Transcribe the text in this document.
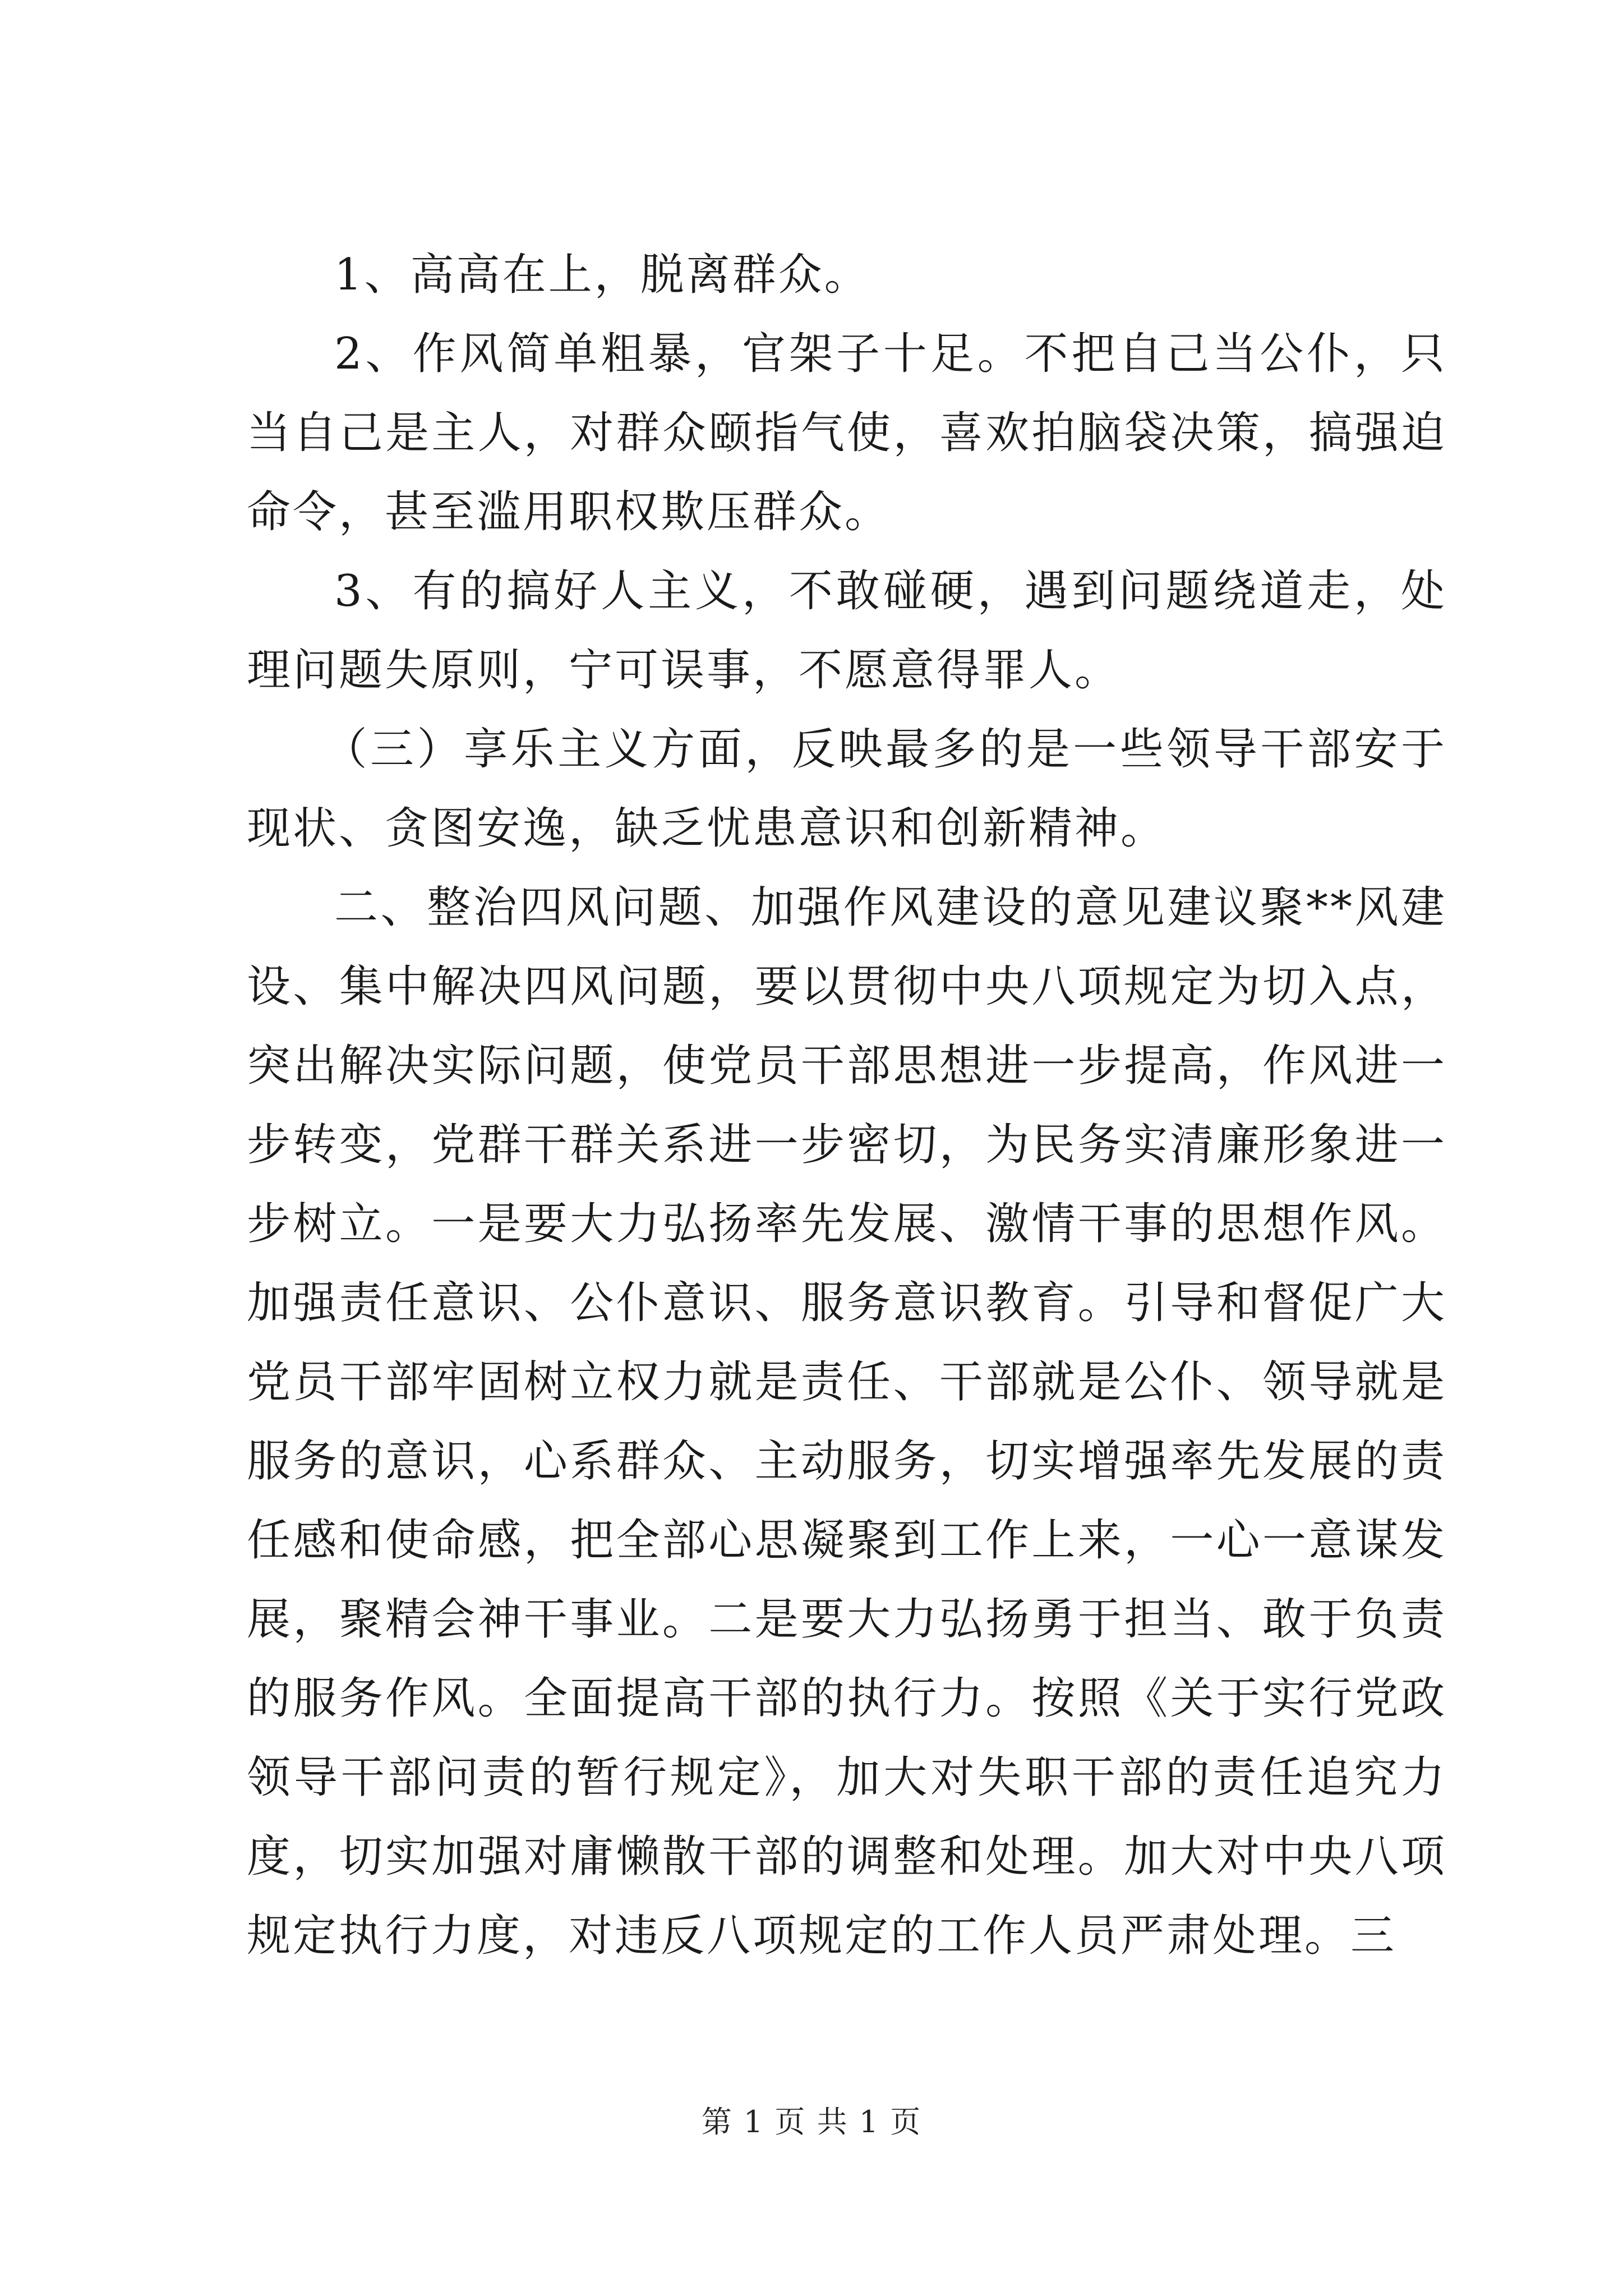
1、高高在上，脱离群众。

2、作风简单粗暴，官架子十足。不把自己当公仆，只当自己是主人，对群众颐指气使，喜欢拍脑袋决策，搞强迫命令，甚至滥用职权欺压群众。

3、有的搞好人主义，不敢碰硬，遇到问题绕道走，处理问题失原则，宁可误事，不愿意得罪人。

（三）享乐主义方面，反映最多的是一些领导干部安于现状、贪图安逸，缺乏忧患意识和创新精神。

二、整治四风问题、加强作风建设的意见建议聚**风建设、集中解决四风问题，要以贯彻中央八项规定为切入点，突出解决实际问题，使党员干部思想进一步提高，作风进一步转变，党群干群关系进一步密切，为民务实清廉形象进一步树立。一是要大力弘扬率先发展、激情干事的思想作风。加强责任意识、公仆意识、服务意识教育。引导和督促广大党员干部牢固树立权力就是责任、干部就是公仆、领导就是服务的意识，心系群众、主动服务，切实增强率先发展的责任感和使命感，把全部心思凝聚到工作上来，一心一意谋发展，聚精会神干事业。二是要大力弘扬勇于担当、敢于负责的服务作风。全面提高干部的执行力。按照《关于实行党政领导干部问责的暂行规定》，加大对失职干部的责任追究力度，切实加强对庸懒散干部的调整和处理。加大对中央八项规定执行力度，对违反八项规定的工作人员严肃处理。三

第 1 页 共 1 页
